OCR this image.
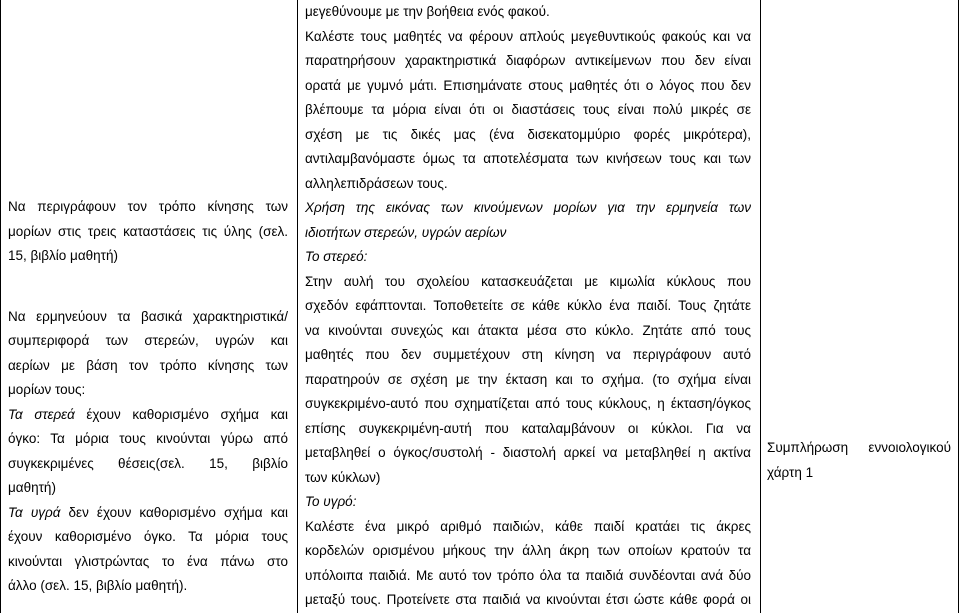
Να περιγράφουν τον τρόπο κίνησης των

μορίων στις τρεις καταστάσεις τις ύλης (σελ.

15, βιβλίο μαθητή)

Να ερμηνεύουν τα βασικά χαρακτηριστικά/

συμπεριφορά των στερεών, υγρών και

αερίων με βάση τον τρόπο κίνησης των

μορίων τους:

Τα στερεά έχουν καθορισμένο σχήμα και

όγκο: Τα μόρια τους κινούνται γύρω από

συγκεκριμένες θέσεις(σελ. 15, βιβλίο

μαθητή)

Τα υγρά δεν έχουν καθορισμένο σχήμα και

έχουν καθορισμένο όγκο. Τα μόρια τους

κινούνται γλιστρώντας το ένα πάνω στο

άλλο (σελ. 15, βιβλίο μαθητή).

μεγεθύνουμε με την βοήθεια ενός φακού.

Καλέστε τους μαθητές να φέρουν απλούς μεγεθυντικούς φακούς και να

παρατηρήσουν χαρακτηριστικά διαφόρων αντικείμενων που δεν είναι

ορατά με γυμνό μάτι. Επισημάνατε στους μαθητές ότι ο λόγος που δεν

βλέπουμε τα μόρια είναι ότι οι διαστάσεις τους είναι πολύ μικρές σε

σχέση με τις δικές μας (ένα δισεκατομμύριο φορές μικρότερα),

αντιλαμβανόμαστε όμως τα αποτελέσματα των κινήσεων τους και των

αλληλεπιδράσεων τους.

Χρήση της εικόνας των κινούμενων μορίων για την ερμηνεία των

ιδιοτήτων στερεών, υγρών αερίων

Το στερεό:

Στην αυλή του σχολείου κατασκευάζεται με κιμωλία κύκλους που

σχεδόν εφάπτονται. Τοποθετείτε σε κάθε κύκλο ένα παιδί. Τους ζητάτε

να κινούνται συνεχώς και άτακτα μέσα στο κύκλο. Ζητάτε από τους

μαθητές που δεν συμμετέχουν στη κίνηση να περιγράφουν αυτό

παρατηρούν σε σχέση με την έκταση και το σχήμα. (το σχήμα είναι

συγκεκριμένο-αυτό που σχηματίζεται από τους κύκλους, η έκταση/όγκος

επίσης συγκεκριμένη-αυτή που καταλαμβάνουν οι κύκλοι. Για να

μεταβληθεί ο όγκος/συστολή - διαστολή αρκεί να μεταβληθεί η ακτίνα

των κύκλων)

Το υγρό:

Καλέστε ένα μικρό αριθμό παιδιών, κάθε παιδί κρατάει τις άκρες

κορδελών ορισμένου μήκους την άλλη άκρη των οποίων κρατούν τα

υπόλοιπα παιδιά. Με αυτό τον τρόπο όλα τα παιδιά συνδέονται ανά δύο

μεταξύ τους. Προτείνετε στα παιδιά να κινούνται έτσι ώστε κάθε φορά οι

Συμπλήρωση εννοιολογικού

χάρτη 1
